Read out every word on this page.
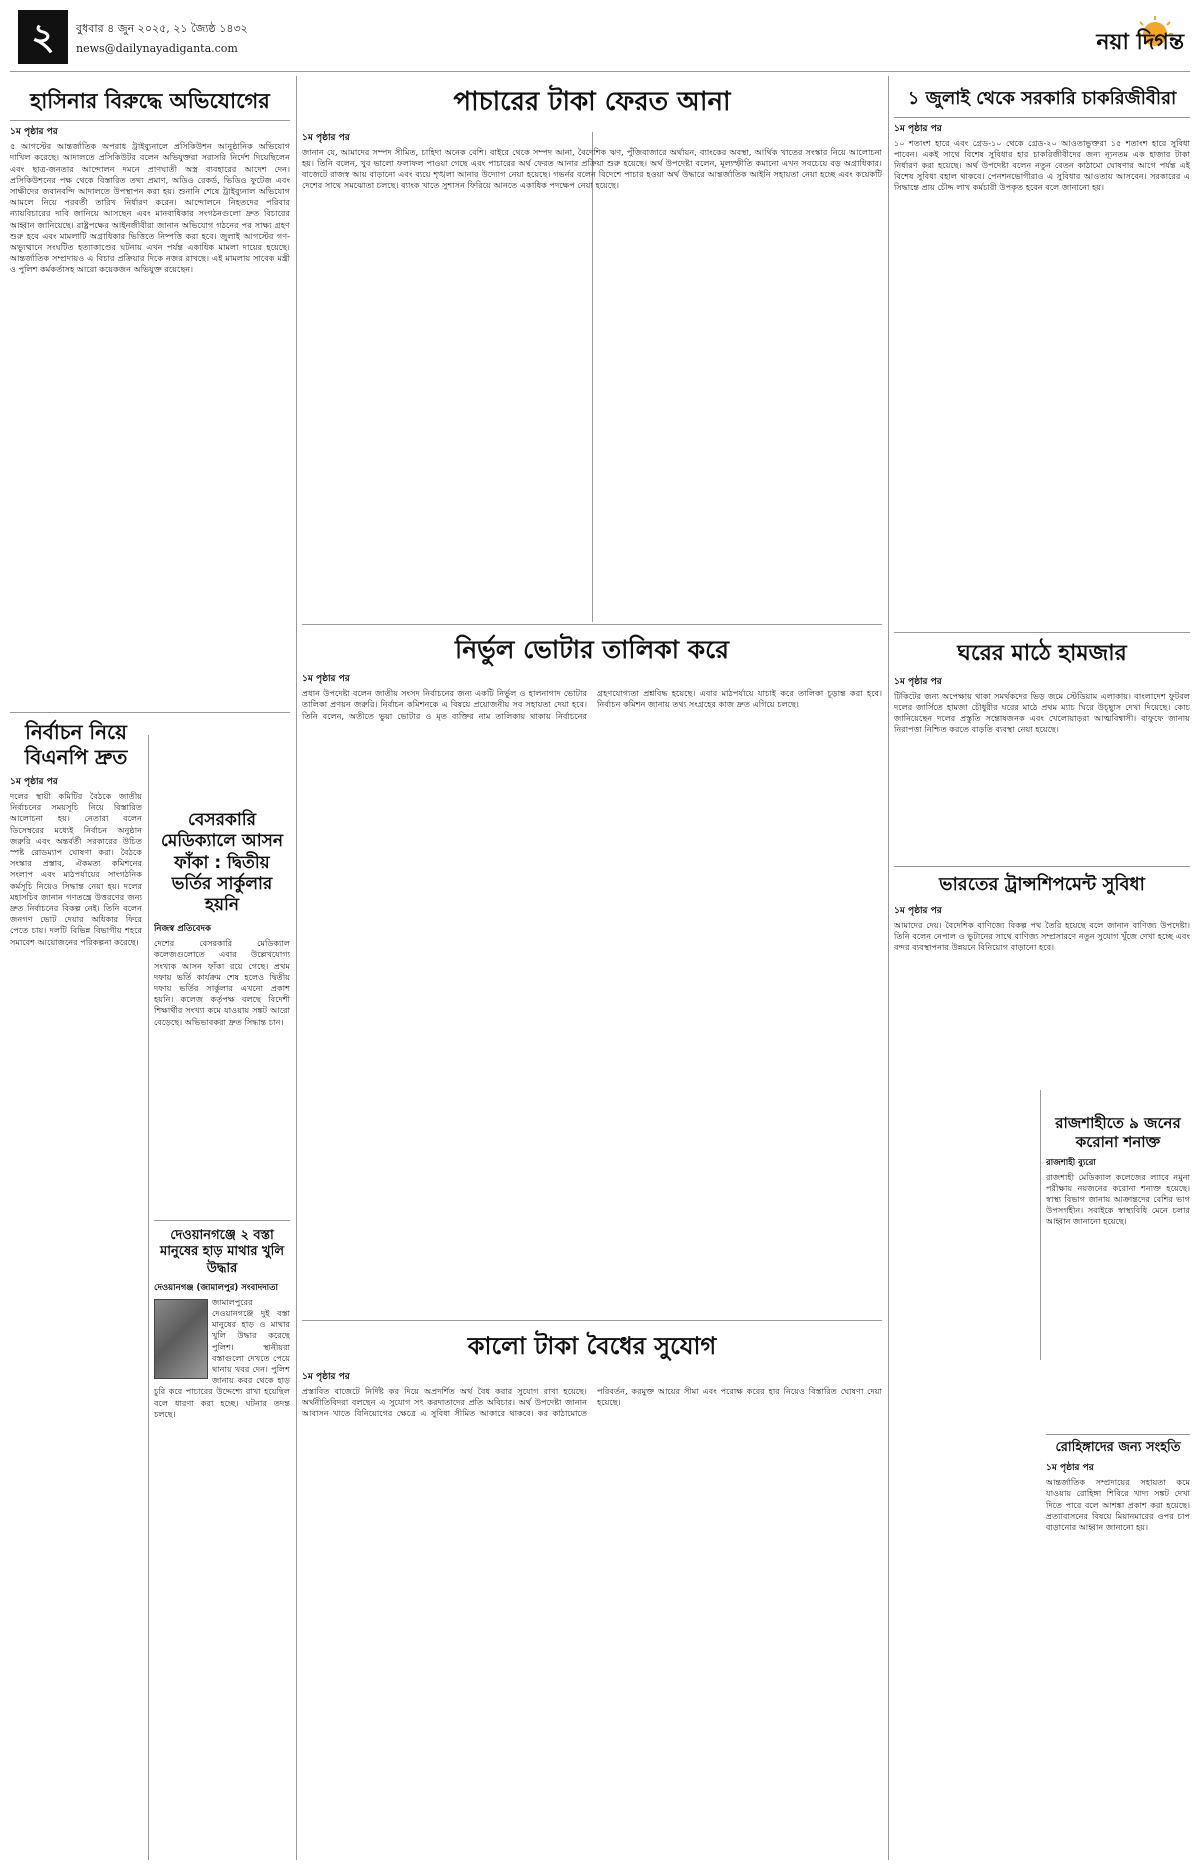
২	বুধবার ৪ জুন ২০২৫, ২১ জ্যৈষ্ঠ ১৪৩২
news@dailynayadiganta.com	নয়া দিগন্ত
হাসিনার বিরুদ্ধে অভিযোগের
১ম পৃষ্ঠার পর

৫ আগস্টের আন্তর্জাতিক অপরাধ ট্রাইব্যুনালে প্রসিকিউশন আনুষ্ঠানিক অভিযোগ দাখিল করেছে। আদালতে প্রসিকিউটর বলেন অভিযুক্তরা সরাসরি নির্দেশ দিয়েছিলেন এবং ছাত্র-জনতার আন্দোলন দমনে প্রাণঘাতী অস্ত্র ব্যবহারের আদেশ দেন। প্রসিকিউশনের পক্ষ থেকে বিস্তারিত তথ্য প্রমাণ, অডিও রেকর্ড, ভিডিও ফুটেজ এবং সাক্ষীদের জবানবন্দি আদালতে উপস্থাপন করা হয়। শুনানি শেষে ট্রাইব্যুনাল অভিযোগ আমলে নিয়ে পরবর্তী তারিখ নির্ধারণ করেন। আন্দোলনে নিহতদের পরিবার ন্যায়বিচারের দাবি জানিয়ে আসছেন এবং মানবাধিকার সংগঠনগুলো দ্রুত বিচারের আহ্বান জানিয়েছে। রাষ্ট্রপক্ষের আইনজীবীরা জানান অভিযোগ গঠনের পর সাক্ষ্য গ্রহণ শুরু হবে এবং মামলাটি অগ্রাধিকার ভিত্তিতে নিষ্পত্তি করা হবে। জুলাই আগস্টের গণ-অভ্যুত্থানে সংঘটিত হত্যাকাণ্ডের ঘটনায় এখন পর্যন্ত একাধিক মামলা দায়ের হয়েছে। আন্তর্জাতিক সম্প্রদায়ও এ বিচার প্রক্রিয়ার দিকে নজর রাখছে। এই মামলায় সাবেক মন্ত্রী ও পুলিশ কর্মকর্তাসহ আরো কয়েকজন অভিযুক্ত রয়েছেন।

নির্বাচন নিয়ে বিএনপি দ্রুত
১ম পৃষ্ঠার পর

দলের স্থায়ী কমিটির বৈঠকে জাতীয় নির্বাচনের সময়সূচি নিয়ে বিস্তারিত আলোচনা হয়। নেতারা বলেন ডিসেম্বরের মধ্যেই নির্বাচন অনুষ্ঠান জরুরি এবং অন্তর্বর্তী সরকারের উচিত স্পষ্ট রোডম্যাপ ঘোষণা করা। বৈঠকে সংস্কার প্রস্তাব, ঐকমত্য কমিশনের সংলাপ এবং মাঠপর্যায়ের সাংগঠনিক কর্মসূচি নিয়েও সিদ্ধান্ত নেয়া হয়। দলের মহাসচিব জানান গণতন্ত্রে উত্তরণের জন্য দ্রুত নির্বাচনের বিকল্প নেই। তিনি বলেন জনগণ ভোট দেয়ার অধিকার ফিরে পেতে চায়। দলটি বিভিন্ন বিভাগীয় শহরে সমাবেশ আয়োজনের পরিকল্পনা করেছে।

বেসরকারি মেডিক্যালে আসন ফাঁকা : দ্বিতীয় ভর্তির সার্কুলার হয়নি
নিজস্ব প্রতিবেদক

দেশের বেসরকারি মেডিক্যাল কলেজগুলোতে এবার উল্লেখযোগ্য সংখ্যক আসন ফাঁকা রয়ে গেছে। প্রথম দফায় ভর্তি কার্যক্রম শেষ হলেও দ্বিতীয় দফায় ভর্তির সার্কুলার এখনো প্রকাশ হয়নি। কলেজ কর্তৃপক্ষ বলছে বিদেশী শিক্ষার্থীর সংখ্যা কমে যাওয়ায় সঙ্কট আরো বেড়েছে। অভিভাবকরা দ্রুত সিদ্ধান্ত চান।

দেওয়ানগঞ্জে ২ বস্তা মানুষের হাড় মাথার খুলি উদ্ধার
দেওয়ানগঞ্জ (জামালপুর) সংবাদদাতা

জামালপুরের দেওয়ানগঞ্জে দুই বস্তা মানুষের হাড় ও মাথার খুলি উদ্ধার করেছে পুলিশ। স্থানীয়রা বস্তাগুলো দেখতে পেয়ে থানায় খবর দেন। পুলিশ জানায় কবর থেকে হাড় চুরি করে পাচারের উদ্দেশ্যে রাখা হয়েছিল বলে ধারণা করা হচ্ছে। ঘটনার তদন্ত চলছে।

পাচারের টাকা ফেরত আনা
১ম পৃষ্ঠার পর

জানান যে, আমাদের সম্পদ সীমিত, চাহিদা অনেক বেশি। বাইরে থেকে সম্পদ আনা, বৈদেশিক ঋণ, পুঁজিবাজারে অর্থায়ন, ব্যাংকের অবস্থা, আর্থিক খাতের সংস্কার নিয়ে আলোচনা হয়। তিনি বলেন, খুব ভালো ফলাফল পাওয়া গেছে এবং পাচারের অর্থ ফেরত আনার প্রক্রিয়া শুরু হয়েছে। অর্থ উপদেষ্টা বলেন, মূল্যস্ফীতি কমানো এখন সবচেয়ে বড় অগ্রাধিকার। বাজেটে রাজস্ব আয় বাড়ানো এবং ব্যয়ে শৃঙ্খলা আনার উদ্যোগ নেয়া হয়েছে। গভর্নর বলেন বিদেশে পাচার হওয়া অর্থ উদ্ধারে আন্তর্জাতিক আইনি সহায়তা নেয়া হচ্ছে এবং কয়েকটি দেশের সাথে সমঝোতা চলছে। ব্যাংক খাতে সুশাসন ফিরিয়ে আনতে একাধিক পদক্ষেপ নেয়া হয়েছে।

নির্ভুল ভোটার তালিকা করে
১ম পৃষ্ঠার পর

প্রধান উপদেষ্টা বলেন জাতীয় সংসদ নির্বাচনের জন্য একটি নির্ভুল ও হালনাগাদ ভোটার তালিকা প্রণয়ন জরুরি। নির্বাচন কমিশনকে এ বিষয়ে প্রয়োজনীয় সব সহায়তা দেয়া হবে। তিনি বলেন, অতীতে ভুয়া ভোটার ও মৃত ব্যক্তির নাম তালিকায় থাকায় নির্বাচনের গ্রহণযোগ্যতা প্রশ্নবিদ্ধ হয়েছে। এবার মাঠপর্যায়ে যাচাই করে তালিকা চূড়ান্ত করা হবে। নির্বাচন কমিশন জানায় তথ্য সংগ্রহের কাজ দ্রুত এগিয়ে চলছে।

কালো টাকা বৈধের সুযোগ
১ম পৃষ্ঠার পর

প্রস্তাবিত বাজেটে নির্দিষ্ট কর দিয়ে অপ্রদর্শিত অর্থ বৈধ করার সুযোগ রাখা হয়েছে। অর্থনীতিবিদরা বলছেন এ সুযোগ সৎ করদাতাদের প্রতি অবিচার। অর্থ উপদেষ্টা জানান আবাসন খাতে বিনিয়োগের ক্ষেত্রে এ সুবিধা সীমিত আকারে থাকবে। কর কাঠামোতে পরিবর্তন, করমুক্ত আয়ের সীমা এবং পরোক্ষ করের হার নিয়েও বিস্তারিত ঘোষণা দেয়া হয়েছে।

১ জুলাই থেকে সরকারি চাকরিজীবীরা
১ম পৃষ্ঠার পর

১০ শতাংশ হারে এবং গ্রেড-১০ থেকে গ্রেড-২০ আওতাভুক্তরা ১৫ শতাংশ হারে সুবিধা পাবেন। একই সাথে বিশেষ সুবিধার হার চাকরিজীবীদের জন্য ন্যূনতম এক হাজার টাকা নির্ধারণ করা হয়েছে। অর্থ উপদেষ্টা বলেন নতুন বেতন কাঠামো ঘোষণার আগে পর্যন্ত এই বিশেষ সুবিধা বহাল থাকবে। পেনশনভোগীরাও এ সুবিধার আওতায় আসবেন। সরকারের এ সিদ্ধান্তে প্রায় চৌদ্দ লাখ কর্মচারী উপকৃত হবেন বলে জানানো হয়।

ঘরের মাঠে হামজার
১ম পৃষ্ঠার পর

টিকিটের জন্য অপেক্ষায় থাকা সমর্থকদের ভিড় জমে স্টেডিয়াম এলাকায়। বাংলাদেশ ফুটবল দলের জার্সিতে হামজা চৌধুরীর ঘরের মাঠে প্রথম ম্যাচ ঘিরে উচ্ছ্বাস দেখা দিয়েছে। কোচ জানিয়েছেন দলের প্রস্তুতি সন্তোষজনক এবং খেলোয়াড়রা আত্মবিশ্বাসী। বাফুফে জানায় নিরাপত্তা নিশ্চিত করতে বাড়তি ব্যবস্থা নেয়া হয়েছে।

ভারতের ট্রান্সশিপমেন্ট সুবিধা
১ম পৃষ্ঠার পর

আমাদের দেয়। বৈদেশিক বাণিজ্যে বিকল্প পথ তৈরি হয়েছে বলে জানান বাণিজ্য উপদেষ্টা। তিনি বলেন নেপাল ও ভুটানের সাথে বাণিজ্য সম্প্রসারণে নতুন সুযোগ খুঁজে দেখা হচ্ছে এবং বন্দর ব্যবস্থাপনার উন্নয়নে বিনিয়োগ বাড়ানো হবে।

রাজশাহীতে ৯ জনের করোনা শনাক্ত
রাজশাহী ব্যুরো

রাজশাহী মেডিক্যাল কলেজের ল্যাবে নমুনা পরীক্ষায় নয়জনের করোনা শনাক্ত হয়েছে। স্বাস্থ্য বিভাগ জানায় আক্রান্তদের বেশির ভাগ উপসর্গহীন। সবাইকে স্বাস্থ্যবিধি মেনে চলার আহ্বান জানানো হয়েছে।

রোহিঙ্গাদের জন্য সংহতি
১ম পৃষ্ঠার পর

আন্তর্জাতিক সম্প্রদায়ের সহায়তা কমে যাওয়ায় রোহিঙ্গা শিবিরে খাদ্য সঙ্কট দেখা দিতে পারে বলে আশঙ্কা প্রকাশ করা হয়েছে। প্রত্যাবাসনের বিষয়ে মিয়ানমারের ওপর চাপ বাড়ানোর আহ্বান জানানো হয়।
